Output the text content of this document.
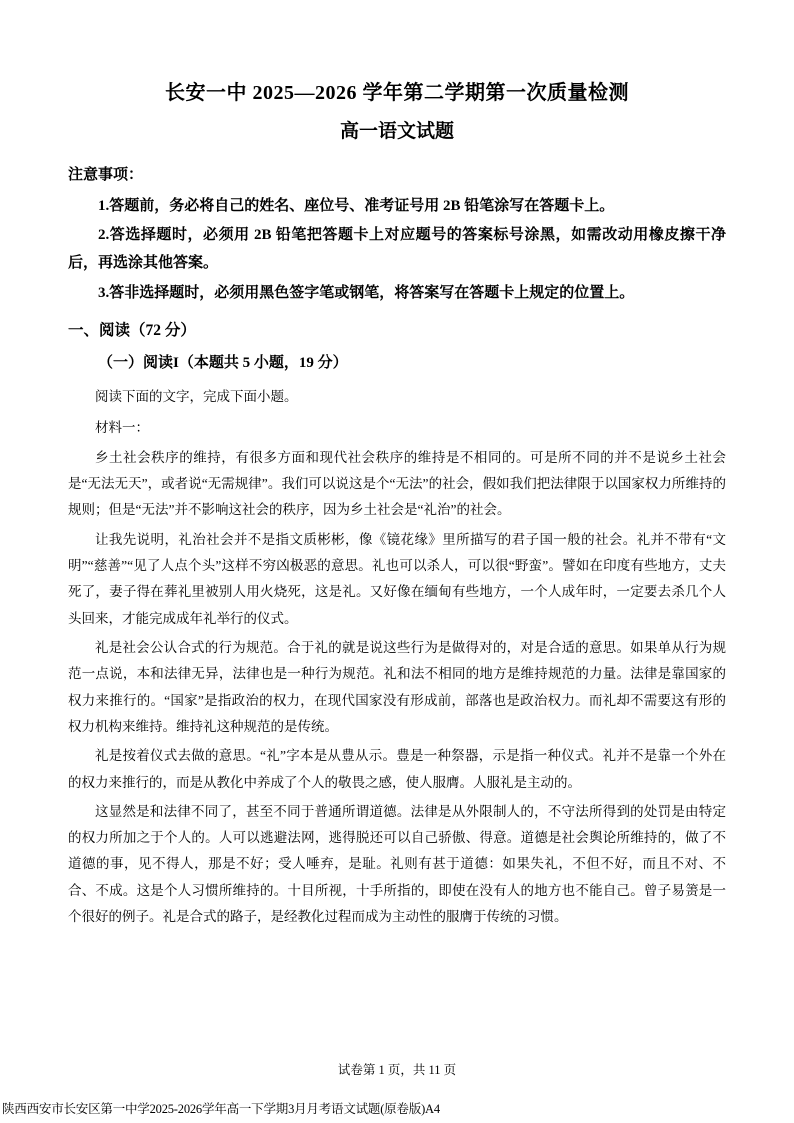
长安一中 2025—2026 学年第二学期第一次质量检测
高一语文试题

注意事项：

1.答题前，务必将自己的姓名、座位号、准考证号用 2B 铅笔涂写在答题卡上。

2.答选择题时，必须用 2B 铅笔把答题卡上对应题号的答案标号涂黑，如需改动用橡皮擦干净后，再选涂其他答案。

3.答非选择题时，必须用黑色签字笔或钢笔，将答案写在答题卡上规定的位置上。

一、阅读（72 分）

（一）阅读I（本题共 5 小题，19 分）

阅读下面的文字，完成下面小题。

材料一：

乡土社会秩序的维持，有很多方面和现代社会秩序的维持是不相同的。可是所不同的并不是说乡土社会是“无法无天”，或者说“无需规律”。我们可以说这是个“无法”的社会，假如我们把法律限于以国家权力所维持的规则；但是“无法”并不影响这社会的秩序，因为乡土社会是“礼治”的社会。

让我先说明，礼治社会并不是指文质彬彬，像《镜花缘》里所描写的君子国一般的社会。礼并不带有“文明”“慈善”“见了人点个头”这样不穷凶极恶的意思。礼也可以杀人，可以很“野蛮”。譬如在印度有些地方，丈夫死了，妻子得在葬礼里被别人用火烧死，这是礼。又好像在缅甸有些地方，一个人成年时，一定要去杀几个人头回来，才能完成成年礼举行的仪式。

礼是社会公认合式的行为规范。合于礼的就是说这些行为是做得对的，对是合适的意思。如果单从行为规范一点说，本和法律无异，法律也是一种行为规范。礼和法不相同的地方是维持规范的力量。法律是靠国家的权力来推行的。“国家”是指政治的权力，在现代国家没有形成前，部落也是政治权力。而礼却不需要这有形的权力机构来维持。维持礼这种规范的是传统。

礼是按着仪式去做的意思。“礼”字本是从豊从示。豊是一种祭器，示是指一种仪式。礼并不是靠一个外在的权力来推行的，而是从教化中养成了个人的敬畏之感，使人服膺。人服礼是主动的。

这显然是和法律不同了，甚至不同于普通所谓道德。法律是从外限制人的，不守法所得到的处罚是由特定的权力所加之于个人的。人可以逃避法网，逃得脱还可以自己骄傲、得意。道德是社会舆论所维持的，做了不道德的事，见不得人，那是不好；受人唾弃，是耻。礼则有甚于道德：如果失礼，不但不好，而且不对、不合、不成。这是个人习惯所维持的。十目所视，十手所指的，即使在没有人的地方也不能自己。曾子易箦是一个很好的例子。礼是合式的路子，是经教化过程而成为主动性的服膺于传统的习惯。

试卷第 1 页，共 11 页
陕西西安市长安区第一中学2025-2026学年高一下学期3月月考语文试题(原卷版)A4
